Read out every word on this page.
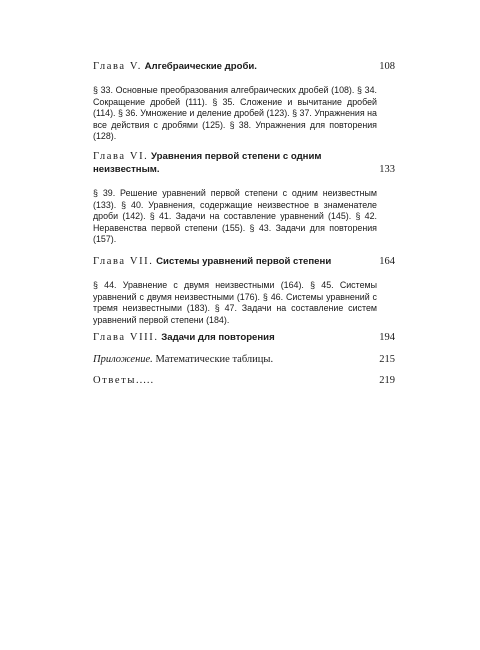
Глава V. Алгебраические дроби.	108
§ 33. Основные преобразования алгебраических дробей (108). § 34. Сокращение дробей (111). § 35. Сложение и вычитание дробей (114). § 36. Умножение и деление дробей (123). § 37. Упражнения на все действия с дробями (125). § 38. Упражнения для повторения (128).
Глава VI. Уравнения первой степени с одним неизвестным.	133
§ 39. Решение уравнений первой степени с одним неизвестным (133). § 40. Уравнения, содержащие неизвестное в знаменателе дроби (142). § 41. Задачи на составление уравнений (145). § 42. Неравенства первой степени (155). § 43. Задачи для повторения (157).
Глава VII. Системы уравнений первой степени	164
§ 44. Уравнение с двумя неизвестными (164). § 45. Системы уравнений с двумя неизвестными (176). § 46. Системы уравнений с тремя неизвестными (183). § 47. Задачи на составление систем уравнений первой степени (184).
Глава VIII. Задачи для повторения	194
Приложение. Математические таблицы.	215
Ответы.....	219
